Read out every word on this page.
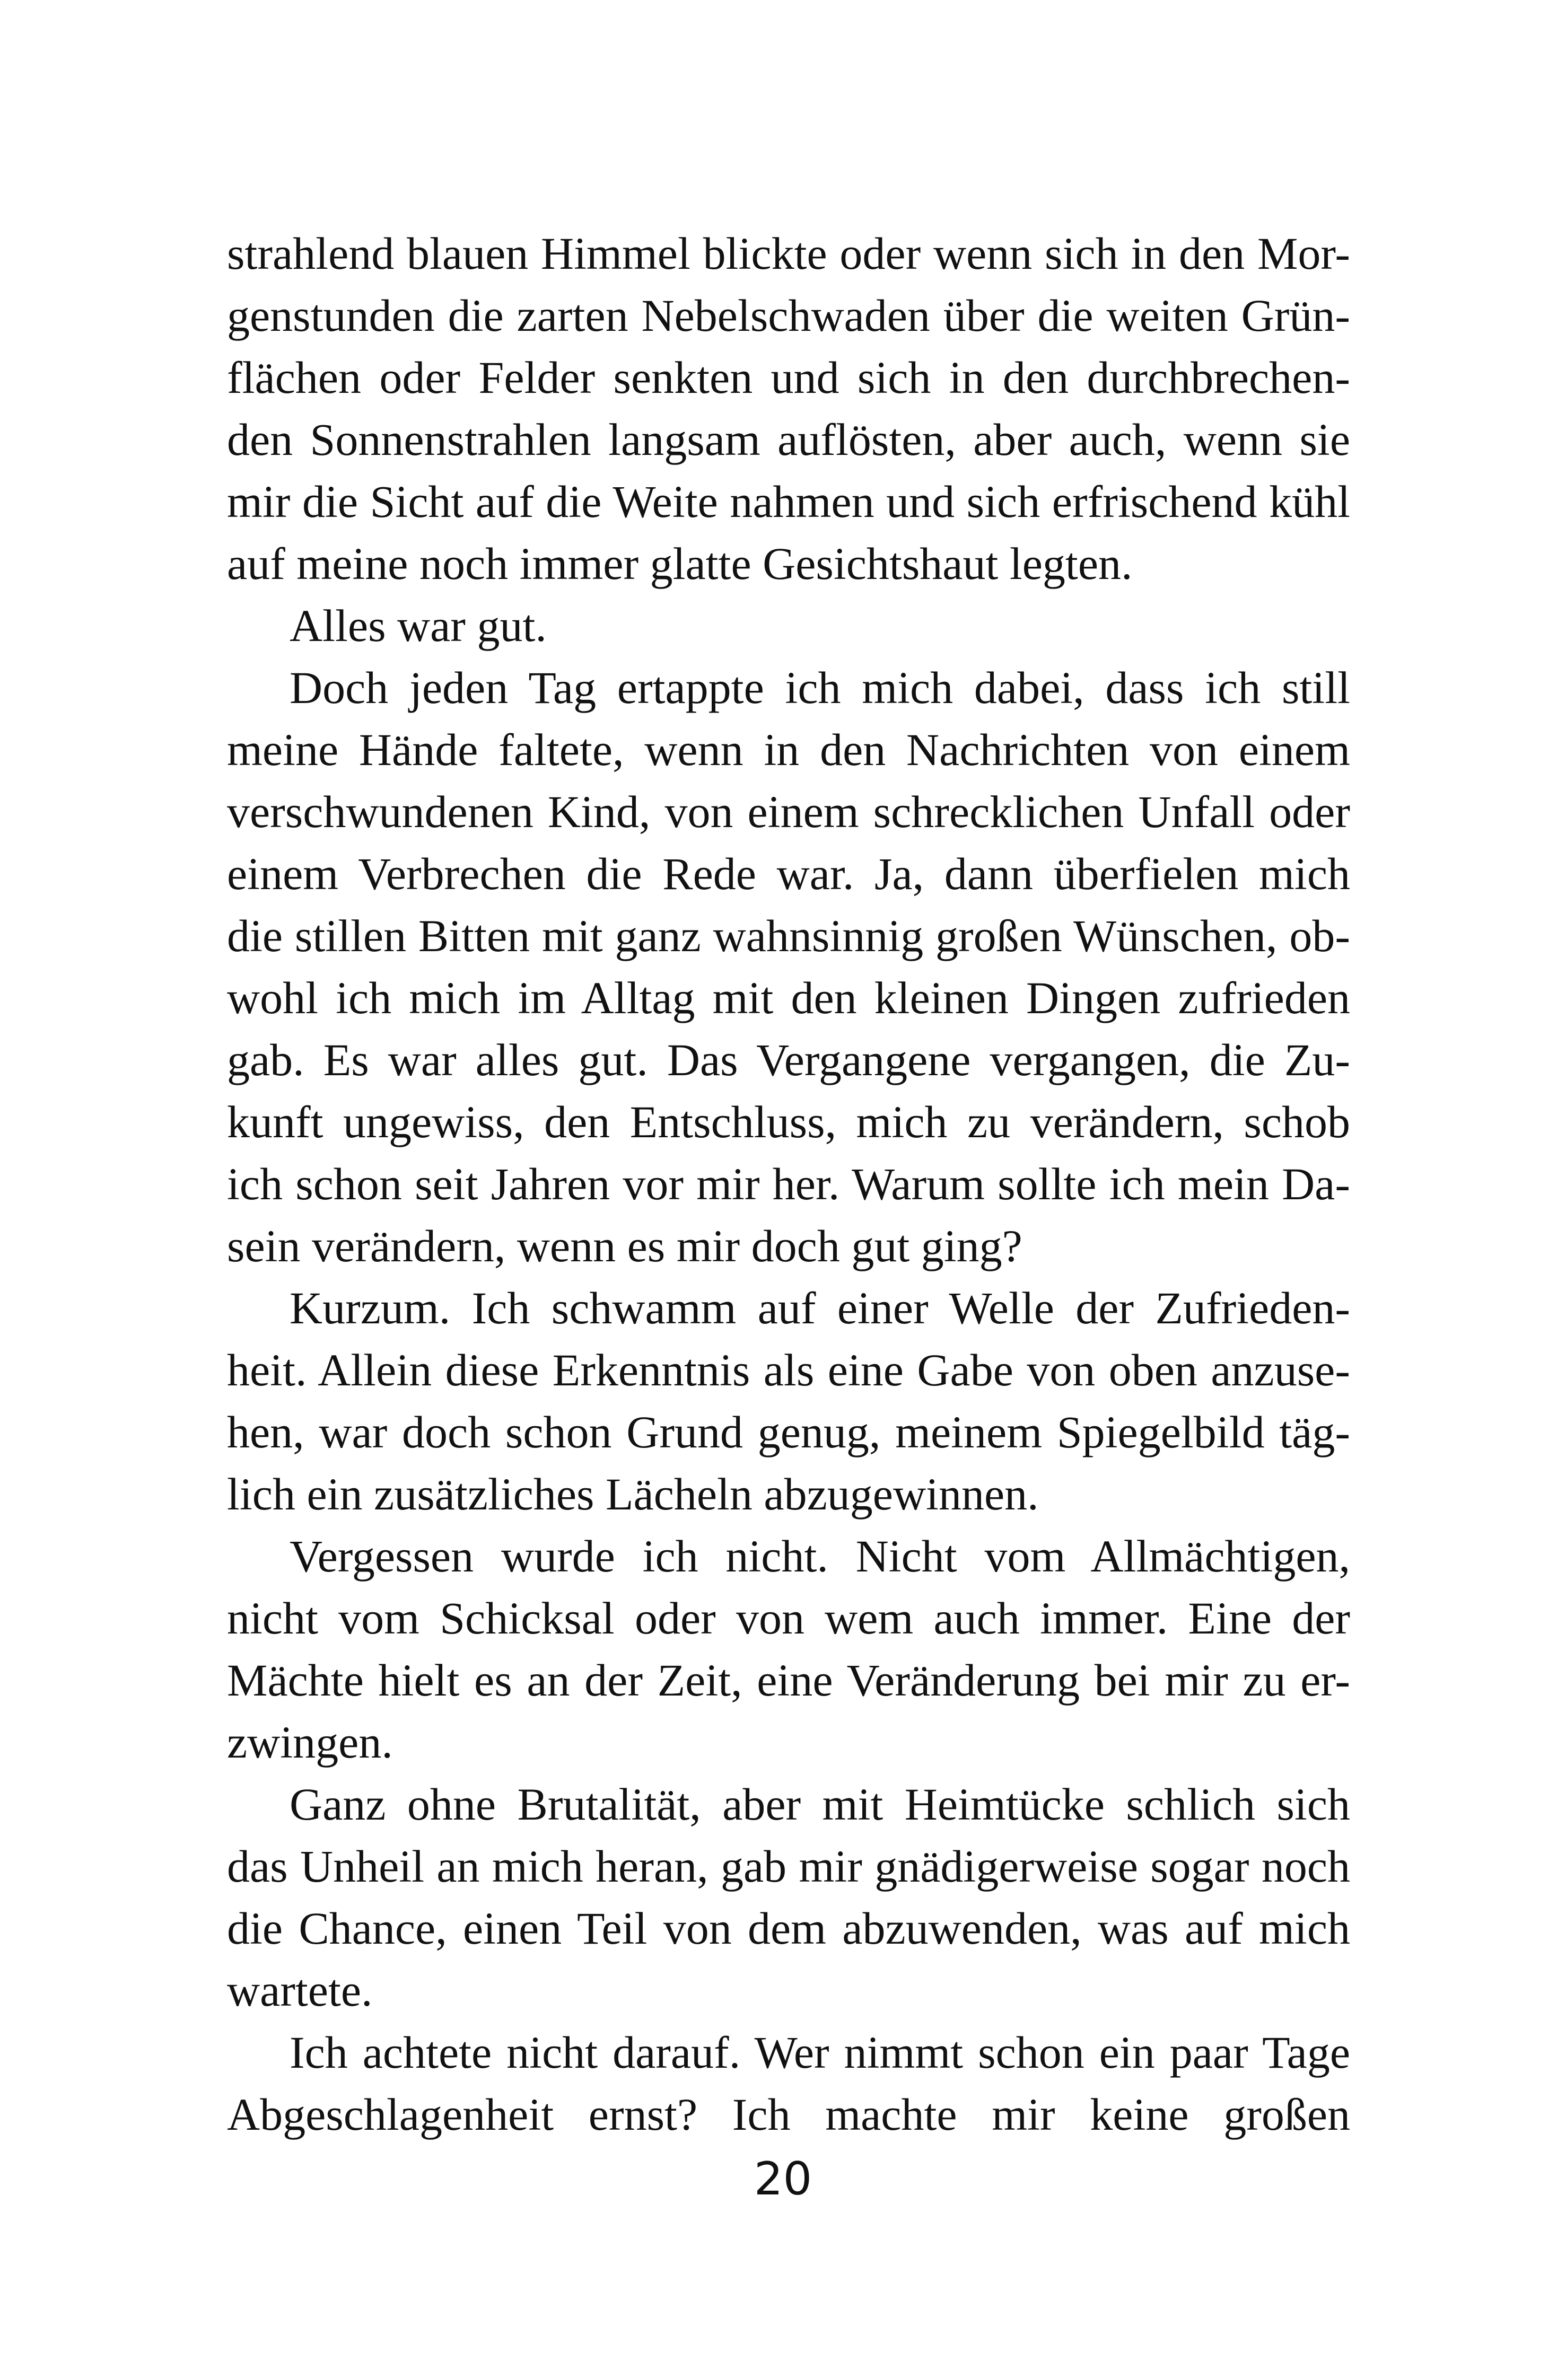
strahlend blauen Himmel blickte oder wenn sich in den Mor-
genstunden die zarten Nebelschwaden über die weiten Grün-
flächen oder Felder senkten und sich in den durchbrechen-
den Sonnenstrahlen langsam auflösten, aber auch, wenn sie
mir die Sicht auf die Weite nahmen und sich erfrischend kühl
auf meine noch immer glatte Gesichtshaut legten.
Alles war gut.
Doch jeden Tag ertappte ich mich dabei, dass ich still
meine Hände faltete, wenn in den Nachrichten von einem
verschwundenen Kind, von einem schrecklichen Unfall oder
einem Verbrechen die Rede war. Ja, dann überfielen mich
die stillen Bitten mit ganz wahnsinnig großen Wünschen, ob-
wohl ich mich im Alltag mit den kleinen Dingen zufrieden
gab. Es war alles gut. Das Vergangene vergangen, die Zu-
kunft ungewiss, den Entschluss, mich zu verändern, schob
ich schon seit Jahren vor mir her. Warum sollte ich mein Da-
sein verändern, wenn es mir doch gut ging?
Kurzum. Ich schwamm auf einer Welle der Zufrieden-
heit. Allein diese Erkenntnis als eine Gabe von oben anzuse-
hen, war doch schon Grund genug, meinem Spiegelbild täg-
lich ein zusätzliches Lächeln abzugewinnen.
Vergessen wurde ich nicht. Nicht vom Allmächtigen,
nicht vom Schicksal oder von wem auch immer. Eine der
Mächte hielt es an der Zeit, eine Veränderung bei mir zu er-
zwingen.
Ganz ohne Brutalität, aber mit Heimtücke schlich sich
das Unheil an mich heran, gab mir gnädigerweise sogar noch
die Chance, einen Teil von dem abzuwenden, was auf mich
wartete.
Ich achtete nicht darauf. Wer nimmt schon ein paar Tage
Abgeschlagenheit ernst? Ich machte mir keine großen
20
